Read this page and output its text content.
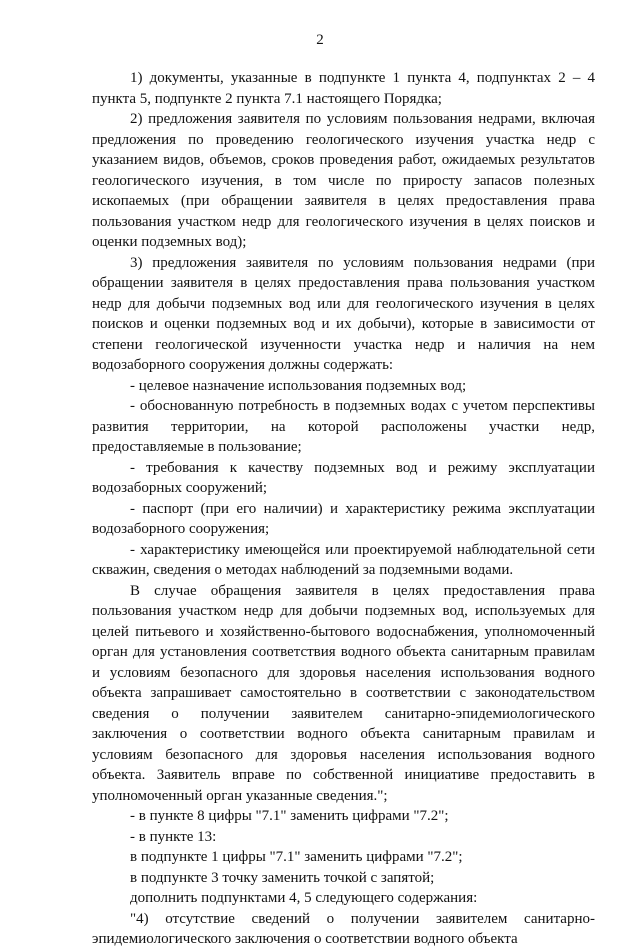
2

1) документы, указанные в подпункте 1 пункта 4, подпунктах 2 – 4 пункта 5, подпункте 2 пункта 7.1 настоящего Порядка;

2) предложения заявителя по условиям пользования недрами, включая предложения по проведению геологического изучения участка недр с указанием видов, объемов, сроков проведения работ, ожидаемых результатов геологического изучения, в том числе по приросту запасов полезных ископаемых (при обращении заявителя в целях предоставления права пользования участком недр для геологического изучения в целях поисков и оценки подземных вод);

3) предложения заявителя по условиям пользования недрами (при обращении заявителя в целях предоставления права пользования участком недр для добычи подземных вод или для геологического изучения в целях поисков и оценки подземных вод и их добычи), которые в зависимости от степени геологической изученности участка недр и наличия на нем водозаборного сооружения должны содержать:

- целевое назначение использования подземных вод;

- обоснованную потребность в подземных водах с учетом перспективы развития территории, на которой расположены участки недр, предоставляемые в пользование;

- требования к качеству подземных вод и режиму эксплуатации водозаборных сооружений;

- паспорт (при его наличии) и характеристику режима эксплуатации водозаборного сооружения;

- характеристику имеющейся или проектируемой наблюдательной сети скважин, сведения о методах наблюдений за подземными водами.

В случае обращения заявителя в целях предоставления права пользования участком недр для добычи подземных вод, используемых для целей питьевого и хозяйственно-бытового водоснабжения, уполномоченный орган для установления соответствия водного объекта санитарным правилам и условиям безопасного для здоровья населения использования водного объекта запрашивает самостоятельно в соответствии с законодательством сведения о получении заявителем санитарно-эпидемиологического заключения о соответствии водного объекта санитарным правилам и условиям безопасного для здоровья населения использования водного объекта. Заявитель вправе по собственной инициативе предоставить в уполномоченный орган указанные сведения.";

- в пункте 8 цифры "7.1" заменить цифрами "7.2";

- в пункте 13:

в подпункте 1 цифры "7.1" заменить цифрами "7.2";

в подпункте 3 точку заменить точкой с запятой;

дополнить подпунктами 4, 5 следующего содержания:

"4) отсутствие сведений о получении заявителем санитарно-эпидемиологического заключения о соответствии водного объекта
